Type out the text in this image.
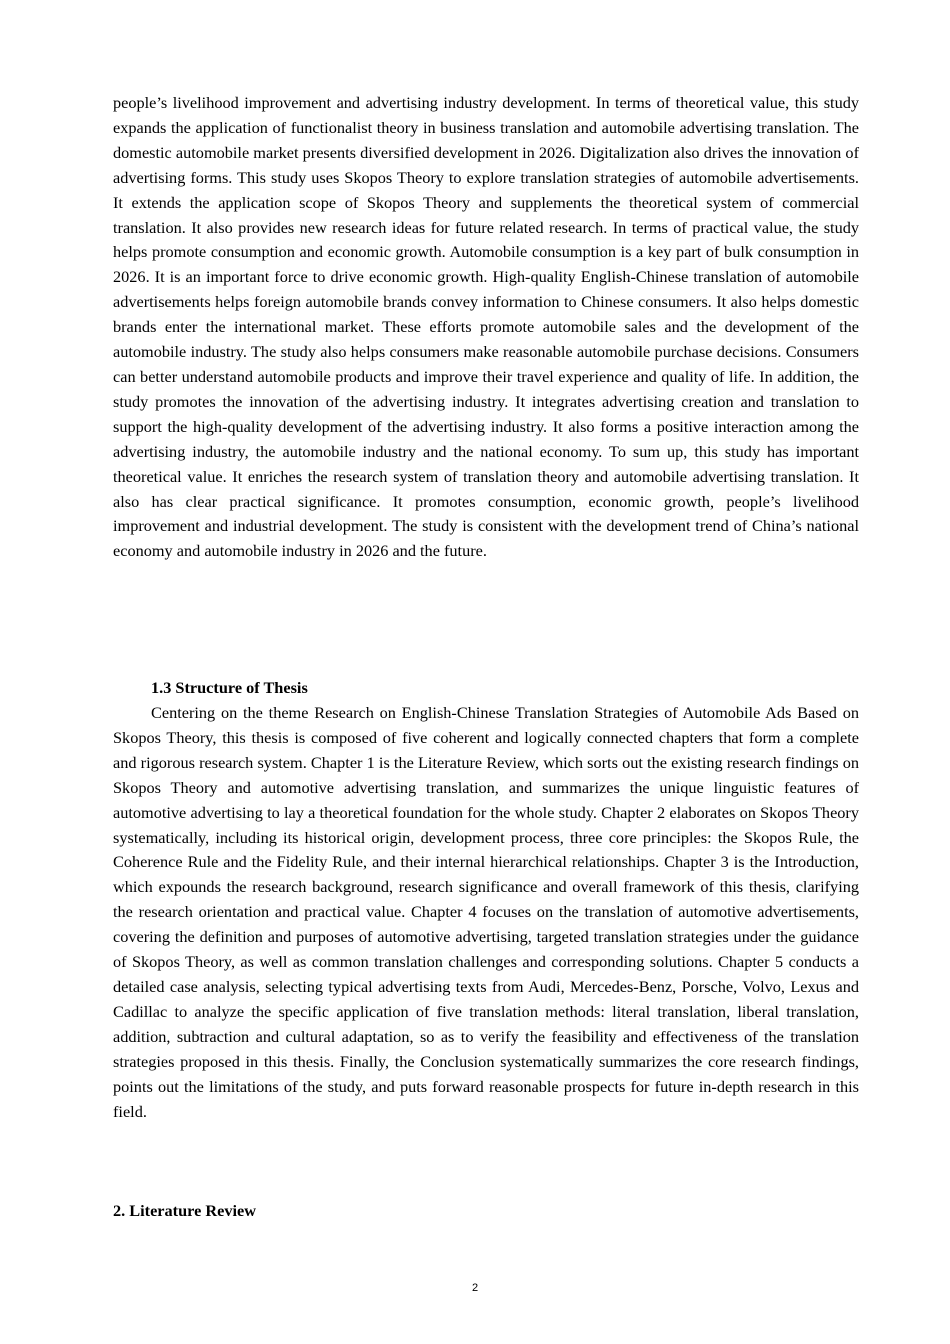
people’s livelihood improvement and advertising industry development. In terms of theoretical value, this study expands the application of functionalist theory in business translation and automobile advertising translation. The domestic automobile market presents diversified development in 2026. Digitalization also drives the innovation of advertising forms. This study uses Skopos Theory to explore translation strategies of automobile advertisements. It extends the application scope of Skopos Theory and supplements the theoretical system of commercial translation. It also provides new research ideas for future related research. In terms of practical value, the study helps promote consumption and economic growth. Automobile consumption is a key part of bulk consumption in 2026. It is an important force to drive economic growth. High-quality English-Chinese translation of automobile advertisements helps foreign automobile brands convey information to Chinese consumers. It also helps domestic brands enter the international market. These efforts promote automobile sales and the development of the automobile industry. The study also helps consumers make reasonable automobile purchase decisions. Consumers can better understand automobile products and improve their travel experience and quality of life. In addition, the study promotes the innovation of the advertising industry. It integrates advertising creation and translation to support the high-quality development of the advertising industry. It also forms a positive interaction among the advertising industry, the automobile industry and the national economy. To sum up, this study has important theoretical value. It enriches the research system of translation theory and automobile advertising translation. It also has clear practical significance. It promotes consumption, economic growth, people’s livelihood improvement and industrial development. The study is consistent with the development trend of China’s national economy and automobile industry in 2026 and the future.

1.3 Structure of Thesis

Centering on the theme Research on English-Chinese Translation Strategies of Automobile Ads Based on Skopos Theory, this thesis is composed of five coherent and logically connected chapters that form a complete and rigorous research system. Chapter 1 is the Literature Review, which sorts out the existing research findings on Skopos Theory and automotive advertising translation, and summarizes the unique linguistic features of automotive advertising to lay a theoretical foundation for the whole study. Chapter 2 elaborates on Skopos Theory systematically, including its historical origin, development process, three core principles: the Skopos Rule, the Coherence Rule and the Fidelity Rule, and their internal hierarchical relationships. Chapter 3 is the Introduction, which expounds the research background, research significance and overall framework of this thesis, clarifying the research orientation and practical value. Chapter 4 focuses on the translation of automotive advertisements, covering the definition and purposes of automotive advertising, targeted translation strategies under the guidance of Skopos Theory, as well as common translation challenges and corresponding solutions. Chapter 5 conducts a detailed case analysis, selecting typical advertising texts from Audi, Mercedes-Benz, Porsche, Volvo, Lexus and Cadillac to analyze the specific application of five translation methods: literal translation, liberal translation, addition, subtraction and cultural adaptation, so as to verify the feasibility and effectiveness of the translation strategies proposed in this thesis. Finally, the Conclusion systematically summarizes the core research findings, points out the limitations of the study, and puts forward reasonable prospects for future in-depth research in this field.

2. Literature Review
2
